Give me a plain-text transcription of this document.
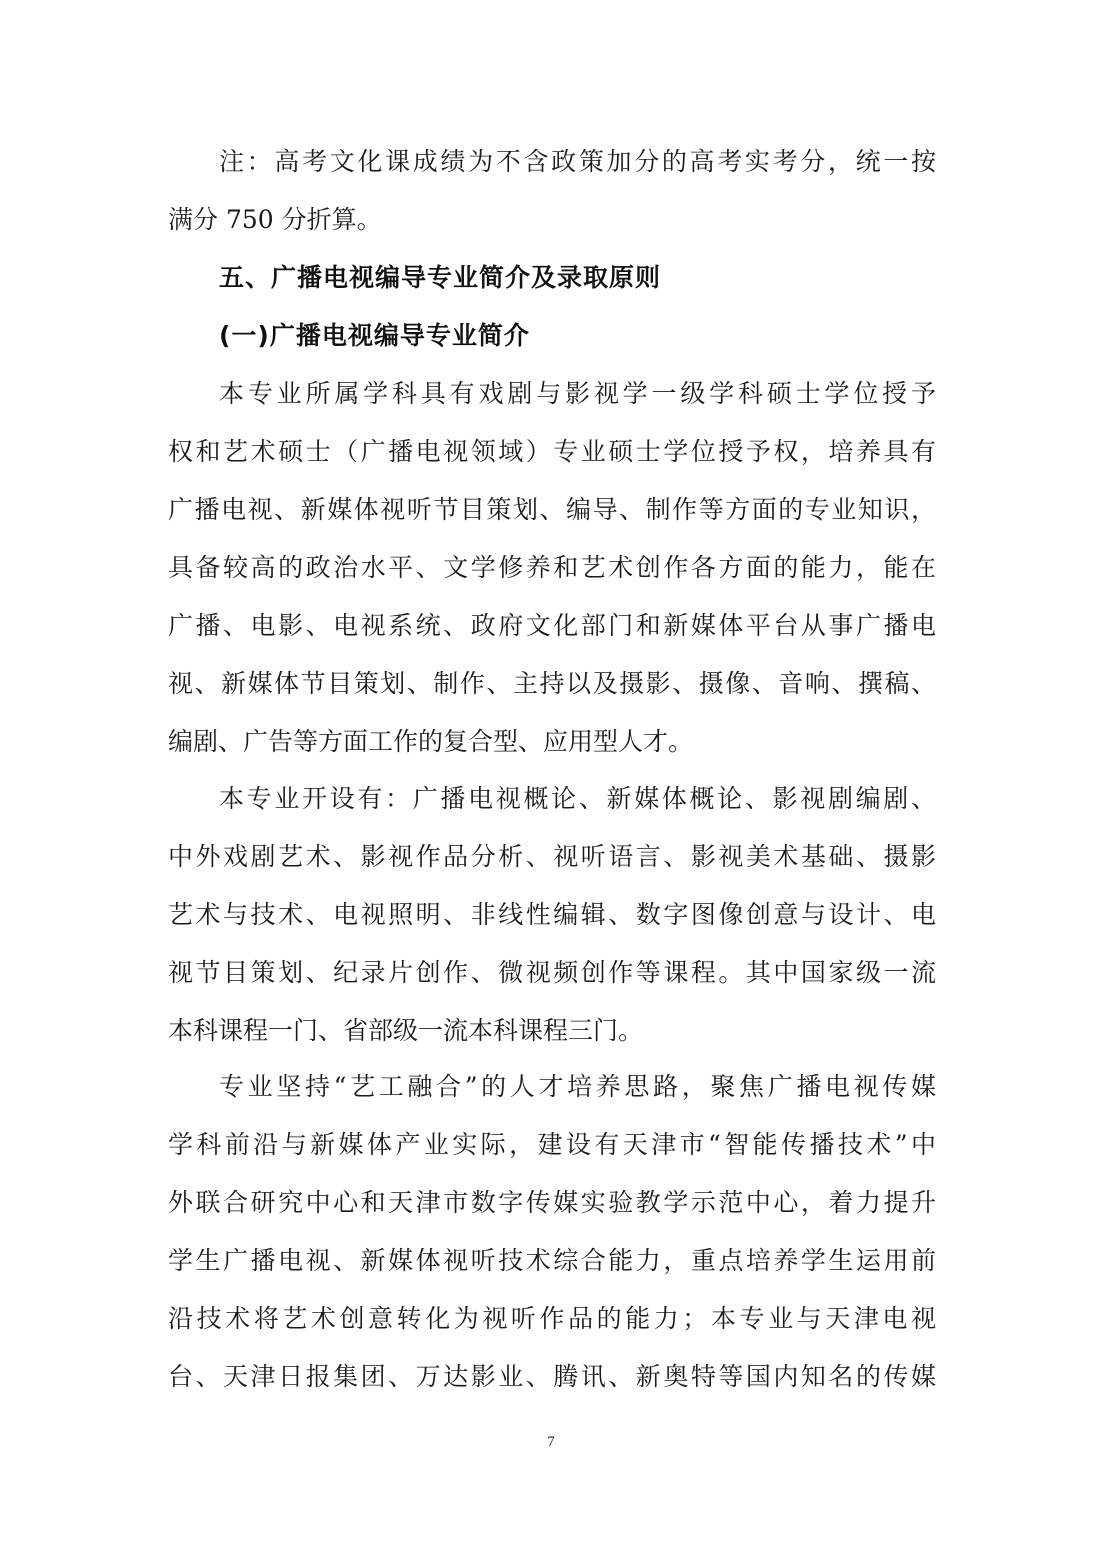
注：高考文化课成绩为不含政策加分的高考实考分，统一按
满分 750 分折算。
五、广播电视编导专业简介及录取原则
(一)广播电视编导专业简介
本专业所属学科具有戏剧与影视学一级学科硕士学位授予
权和艺术硕士（广播电视领域）专业硕士学位授予权，培养具有
广播电视、新媒体视听节目策划、编导、制作等方面的专业知识，
具备较高的政治水平、文学修养和艺术创作各方面的能力，能在
广播、电影、电视系统、政府文化部门和新媒体平台从事广播电
视、新媒体节目策划、制作、主持以及摄影、摄像、音响、撰稿、
编剧、广告等方面工作的复合型、应用型人才。
本专业开设有：广播电视概论、新媒体概论、影视剧编剧、
中外戏剧艺术、影视作品分析、视听语言、影视美术基础、摄影
艺术与技术、电视照明、非线性编辑、数字图像创意与设计、电
视节目策划、纪录片创作、微视频创作等课程。其中国家级一流
本科课程一门、省部级一流本科课程三门。
专业坚持“艺工融合”的人才培养思路，聚焦广播电视传媒
学科前沿与新媒体产业实际，建设有天津市“智能传播技术”中
外联合研究中心和天津市数字传媒实验教学示范中心，着力提升
学生广播电视、新媒体视听技术综合能力，重点培养学生运用前
沿技术将艺术创意转化为视听作品的能力；本专业与天津电视
台、天津日报集团、万达影业、腾讯、新奥特等国内知名的传媒
7
